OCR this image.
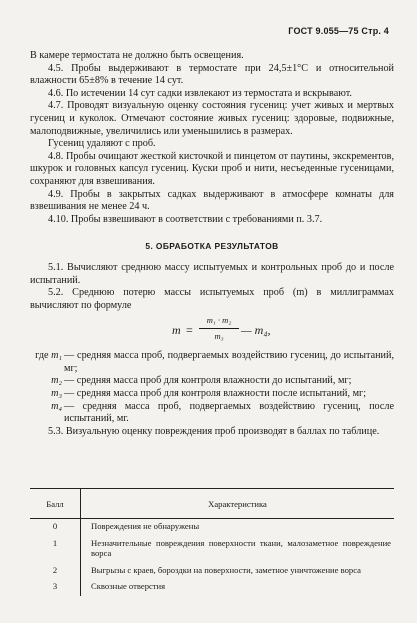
ГОСТ 9.055—75 Стр. 4

В камере термостата не должно быть освещения.

4.5. Пробы выдерживают в термостате при 24,5±1°С и относительной влажности 65±8% в течение 14 сут.

4.6. По истечении 14 сут садки извлекают из термостата и вскрывают.

4.7. Проводят визуальную оценку состояния гусениц: учет живых и мертвых гусениц и куколок. Отмечают состояние живых гусениц: здоровые, подвижные, малоподвижные, увеличились или уменьшились в размерах.

Гусениц удаляют с проб.

4.8. Пробы очищают жесткой кисточкой и пинцетом от паутины, экскрементов, шкурок и головных капсул гусениц. Куски проб и нити, несъеденные гусеницами, сохраняют для взвешивания.

4.9. Пробы в закрытых садках выдерживают в атмосфере комнаты для взвешивания не менее 24 ч.

4.10. Пробы взвешивают в соответствии с требованиями п. 3.7.

5. ОБРАБОТКА РЕЗУЛЬТАТОВ

5.1. Вычисляют среднюю массу испытуемых и контрольных проб до и после испытаний.

5.2. Среднюю потерю массы испытуемых проб (m) в миллиграммах вычисляют по формуле

$m = \frac{\text{m₁ · m₂}}{\text{m₃}}$ — m₄,
где m₁ — средняя масса проб, подвергаемых воздействию гусениц, до испытаний, мг;
m₂ — средняя масса проб для контроля влажности до испытаний, мг;
m₃ — средняя масса проб для контроля влажности после испытаний, мг;
m₄ — средняя масса проб, подвергаемых воздействию гусениц, после испытаний, мг.

5.3. Визуальную оценку повреждения проб производят в баллах по таблице.

Балл	Характеристика
0	Повреждения не обнаружены
1	Незначительные повреждения поверхности ткани, малозаметное повреждение ворса
2	Выгрызы с краев, бороздки на поверхности, заметное уничтожение ворса
3	Сквозные отверстия
